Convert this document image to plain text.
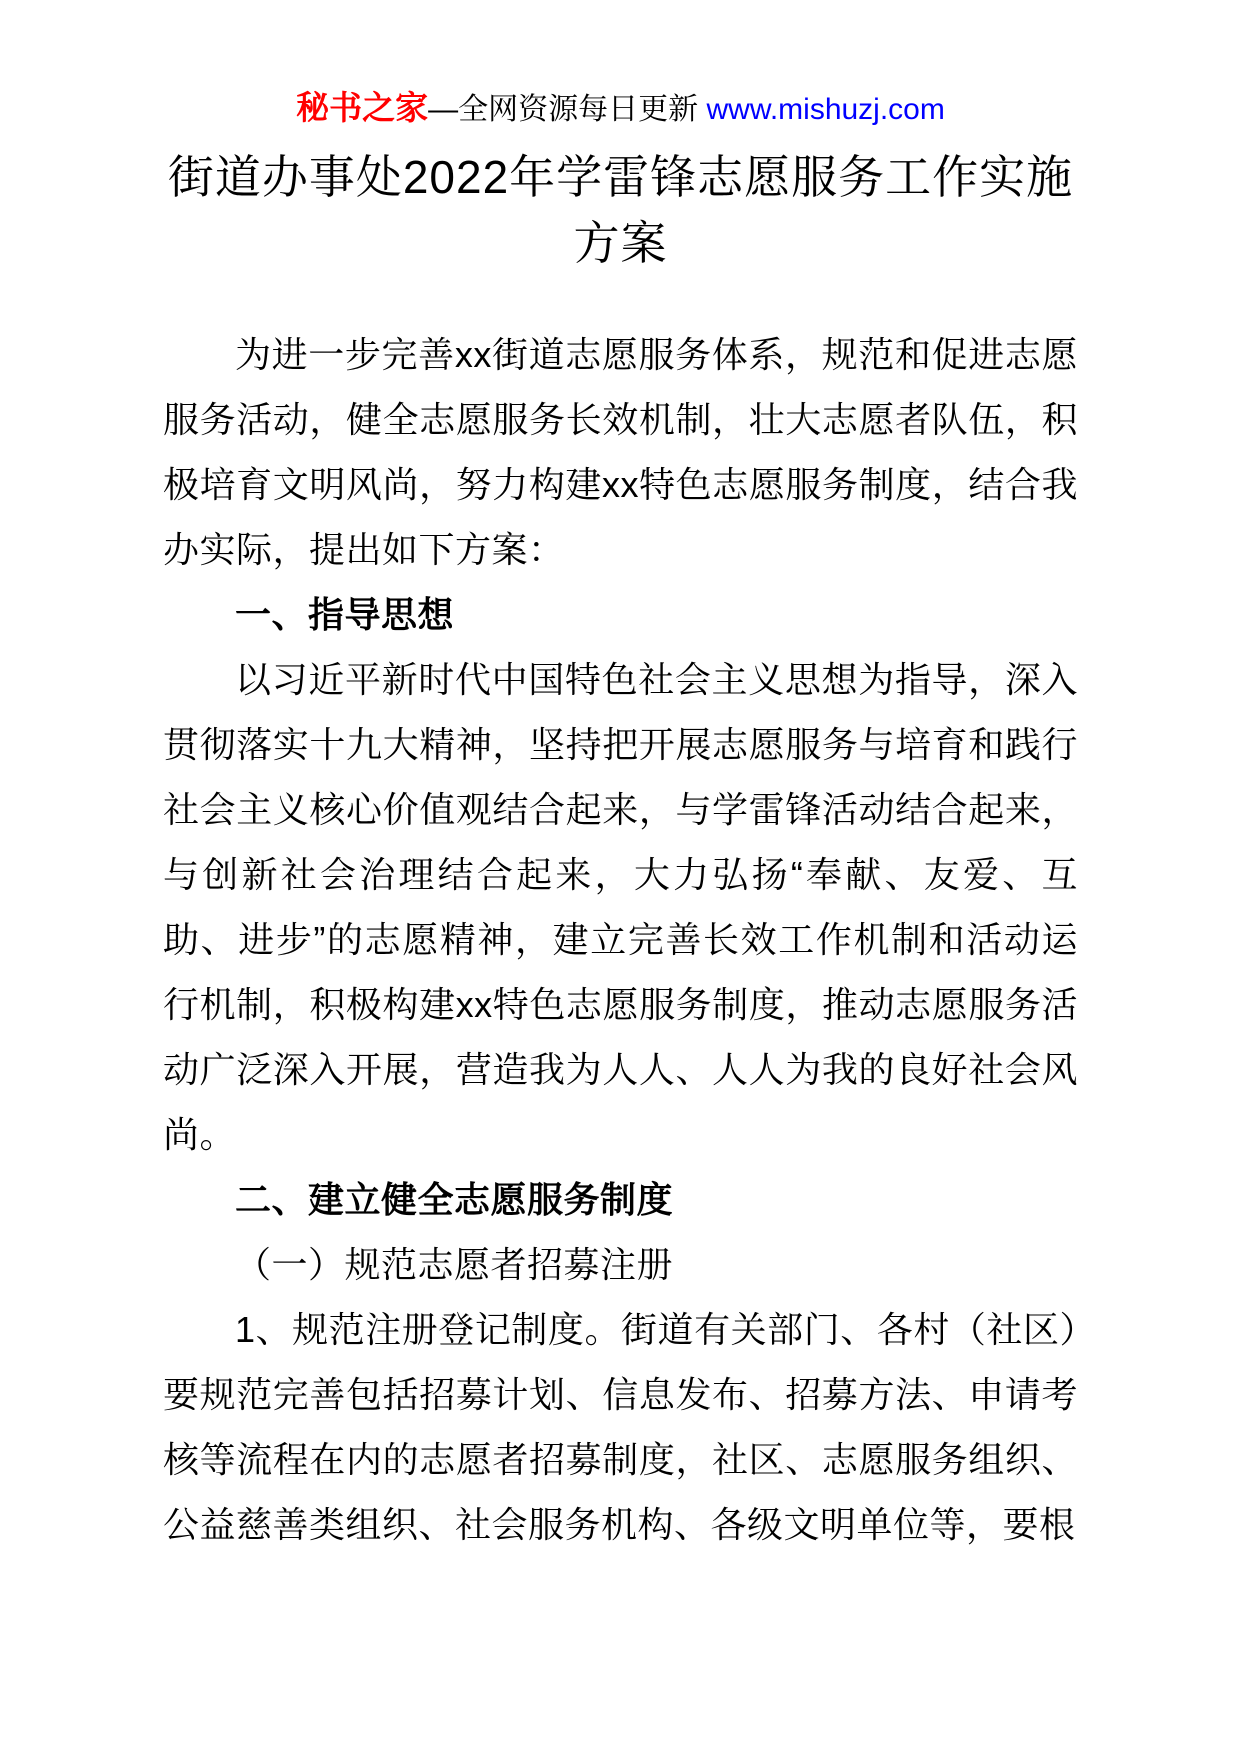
秘书之家—全网资源每日更新 www.mishuzj.com
街道办事处2022年学雷锋志愿服务工作实施方案

为进一步完善xx街道志愿服务体系，规范和促进志愿服务活动，健全志愿服务长效机制，壮大志愿者队伍，积极培育文明风尚，努力构建xx特色志愿服务制度，结合我办实际，提出如下方案：

一、指导思想

以习近平新时代中国特色社会主义思想为指导，深入贯彻落实十九大精神，坚持把开展志愿服务与培育和践行社会主义核心价值观结合起来，与学雷锋活动结合起来，与创新社会治理结合起来，大力弘扬“奉献、友爱、互助、进步”的志愿精神，建立完善长效工作机制和活动运行机制，积极构建xx特色志愿服务制度，推动志愿服务活动广泛深入开展，营造我为人人、人人为我的良好社会风尚。

二、建立健全志愿服务制度

（一）规范志愿者招募注册

1、规范注册登记制度。街道有关部门、各村（社区）要规范完善包括招募计划、信息发布、招募方法、申请考核等流程在内的志愿者招募制度，社区、志愿服务组织、公益慈善类组织、社会服务机构、各级文明单位等，要根
